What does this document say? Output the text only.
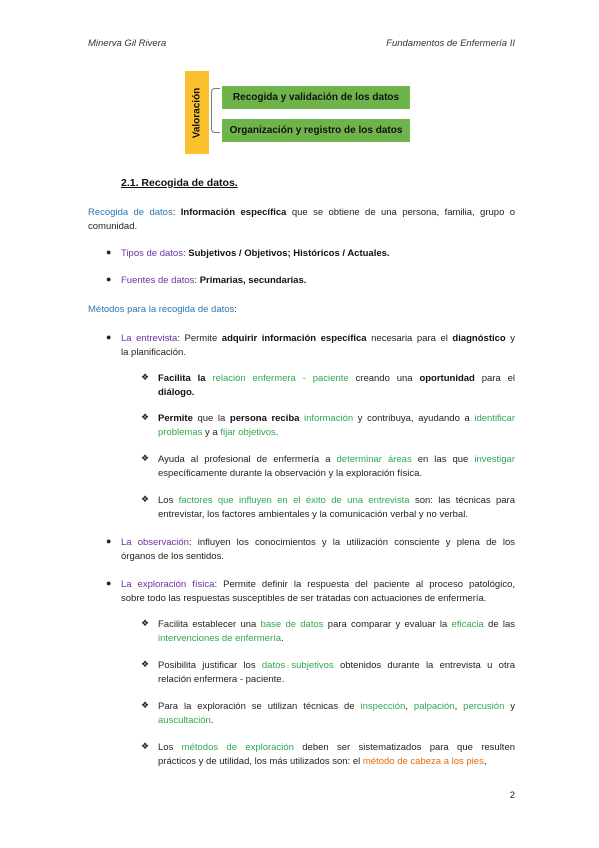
Minerva Gil Rivera	Fundamentos de Enfermería II
Valoración	Recogida y validación de los datos
Organización y registro de los datos
2.1. Recogida de datos.
Recogida de datos: Información específica que se obtiene de una persona, familia, grupo o
comunidad.
● Tipos de datos: Subjetivos / Objetivos; Históricos / Actuales.
● Fuentes de datos: Primarias, secundarias.
Métodos para la recogida de datos:
● La entrevista: Permite adquirir información específica necesaria para el diagnóstico y
la planificación.
❖ Facilita la relación enfermera - paciente creando una oportunidad para el
diálogo.
❖ Permite que la persona reciba información y contribuya, ayudando a identificar
problemas y a fijar objetivos.
❖ Ayuda al profesional de enfermería a determinar áreas en las que investigar
específicamente durante la observación y la exploración física.
❖ Los factores que influyen en el éxito de una entrevista son: las técnicas para
entrevistar, los factores ambientales y la comunicación verbal y no verbal.
● La observación: influyen los conocimientos y la utilización consciente y plena de los
órganos de los sentidos.
● La exploración física: Permite definir la respuesta del paciente al proceso patológico,
sobre todo las respuestas susceptibles de ser tratadas con actuaciones de enfermería.
❖ Facilita establecer una base de datos para comparar y evaluar la eficacia de las
intervenciones de enfermería.
❖ Posibilita justificar los datos subjetivos obtenidos durante la entrevista u otra
relación enfermera - paciente.
❖ Para la exploración se utilizan técnicas de inspección, palpación, percusión y
auscultación.
❖ Los métodos de exploración deben ser sistematizados para que resulten
prácticos y de utilidad, los más utilizados son: el método de cabeza a los pies,
2
